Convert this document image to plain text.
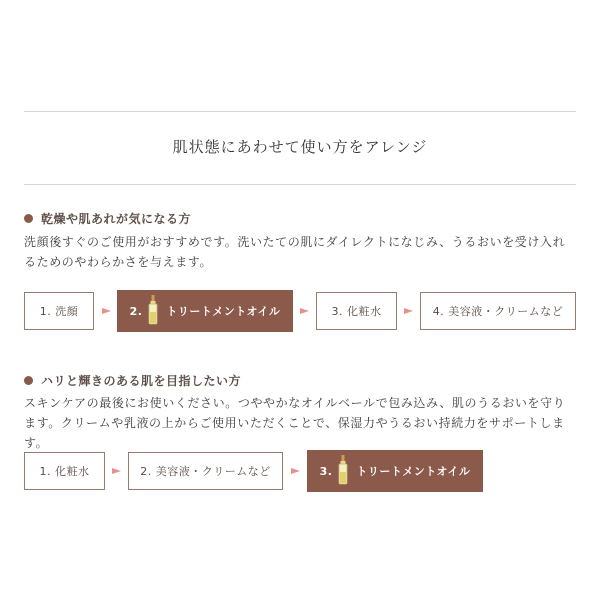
肌状態にあわせて使い方をアレンジ
乾燥や肌あれが気になる方
洗顔後すぐのご使用がおすすめです。洗いたての肌にダイレクトになじみ、うるおいを受け入れるためのやわらかさを与えます。
1. 洗顔	2. トリートメントオイル	3. 化粧水	4. 美容液・クリームなど
ハリと輝きのある肌を目指したい方
スキンケアの最後にお使いください。つややかなオイルベールで包み込み、肌のうるおいを守ります。クリームや乳液の上からご使用いただくことで、保湿力やうるおい持続力をサポートします。
1. 化粧水	2. 美容液・クリームなど	3. トリートメントオイル
